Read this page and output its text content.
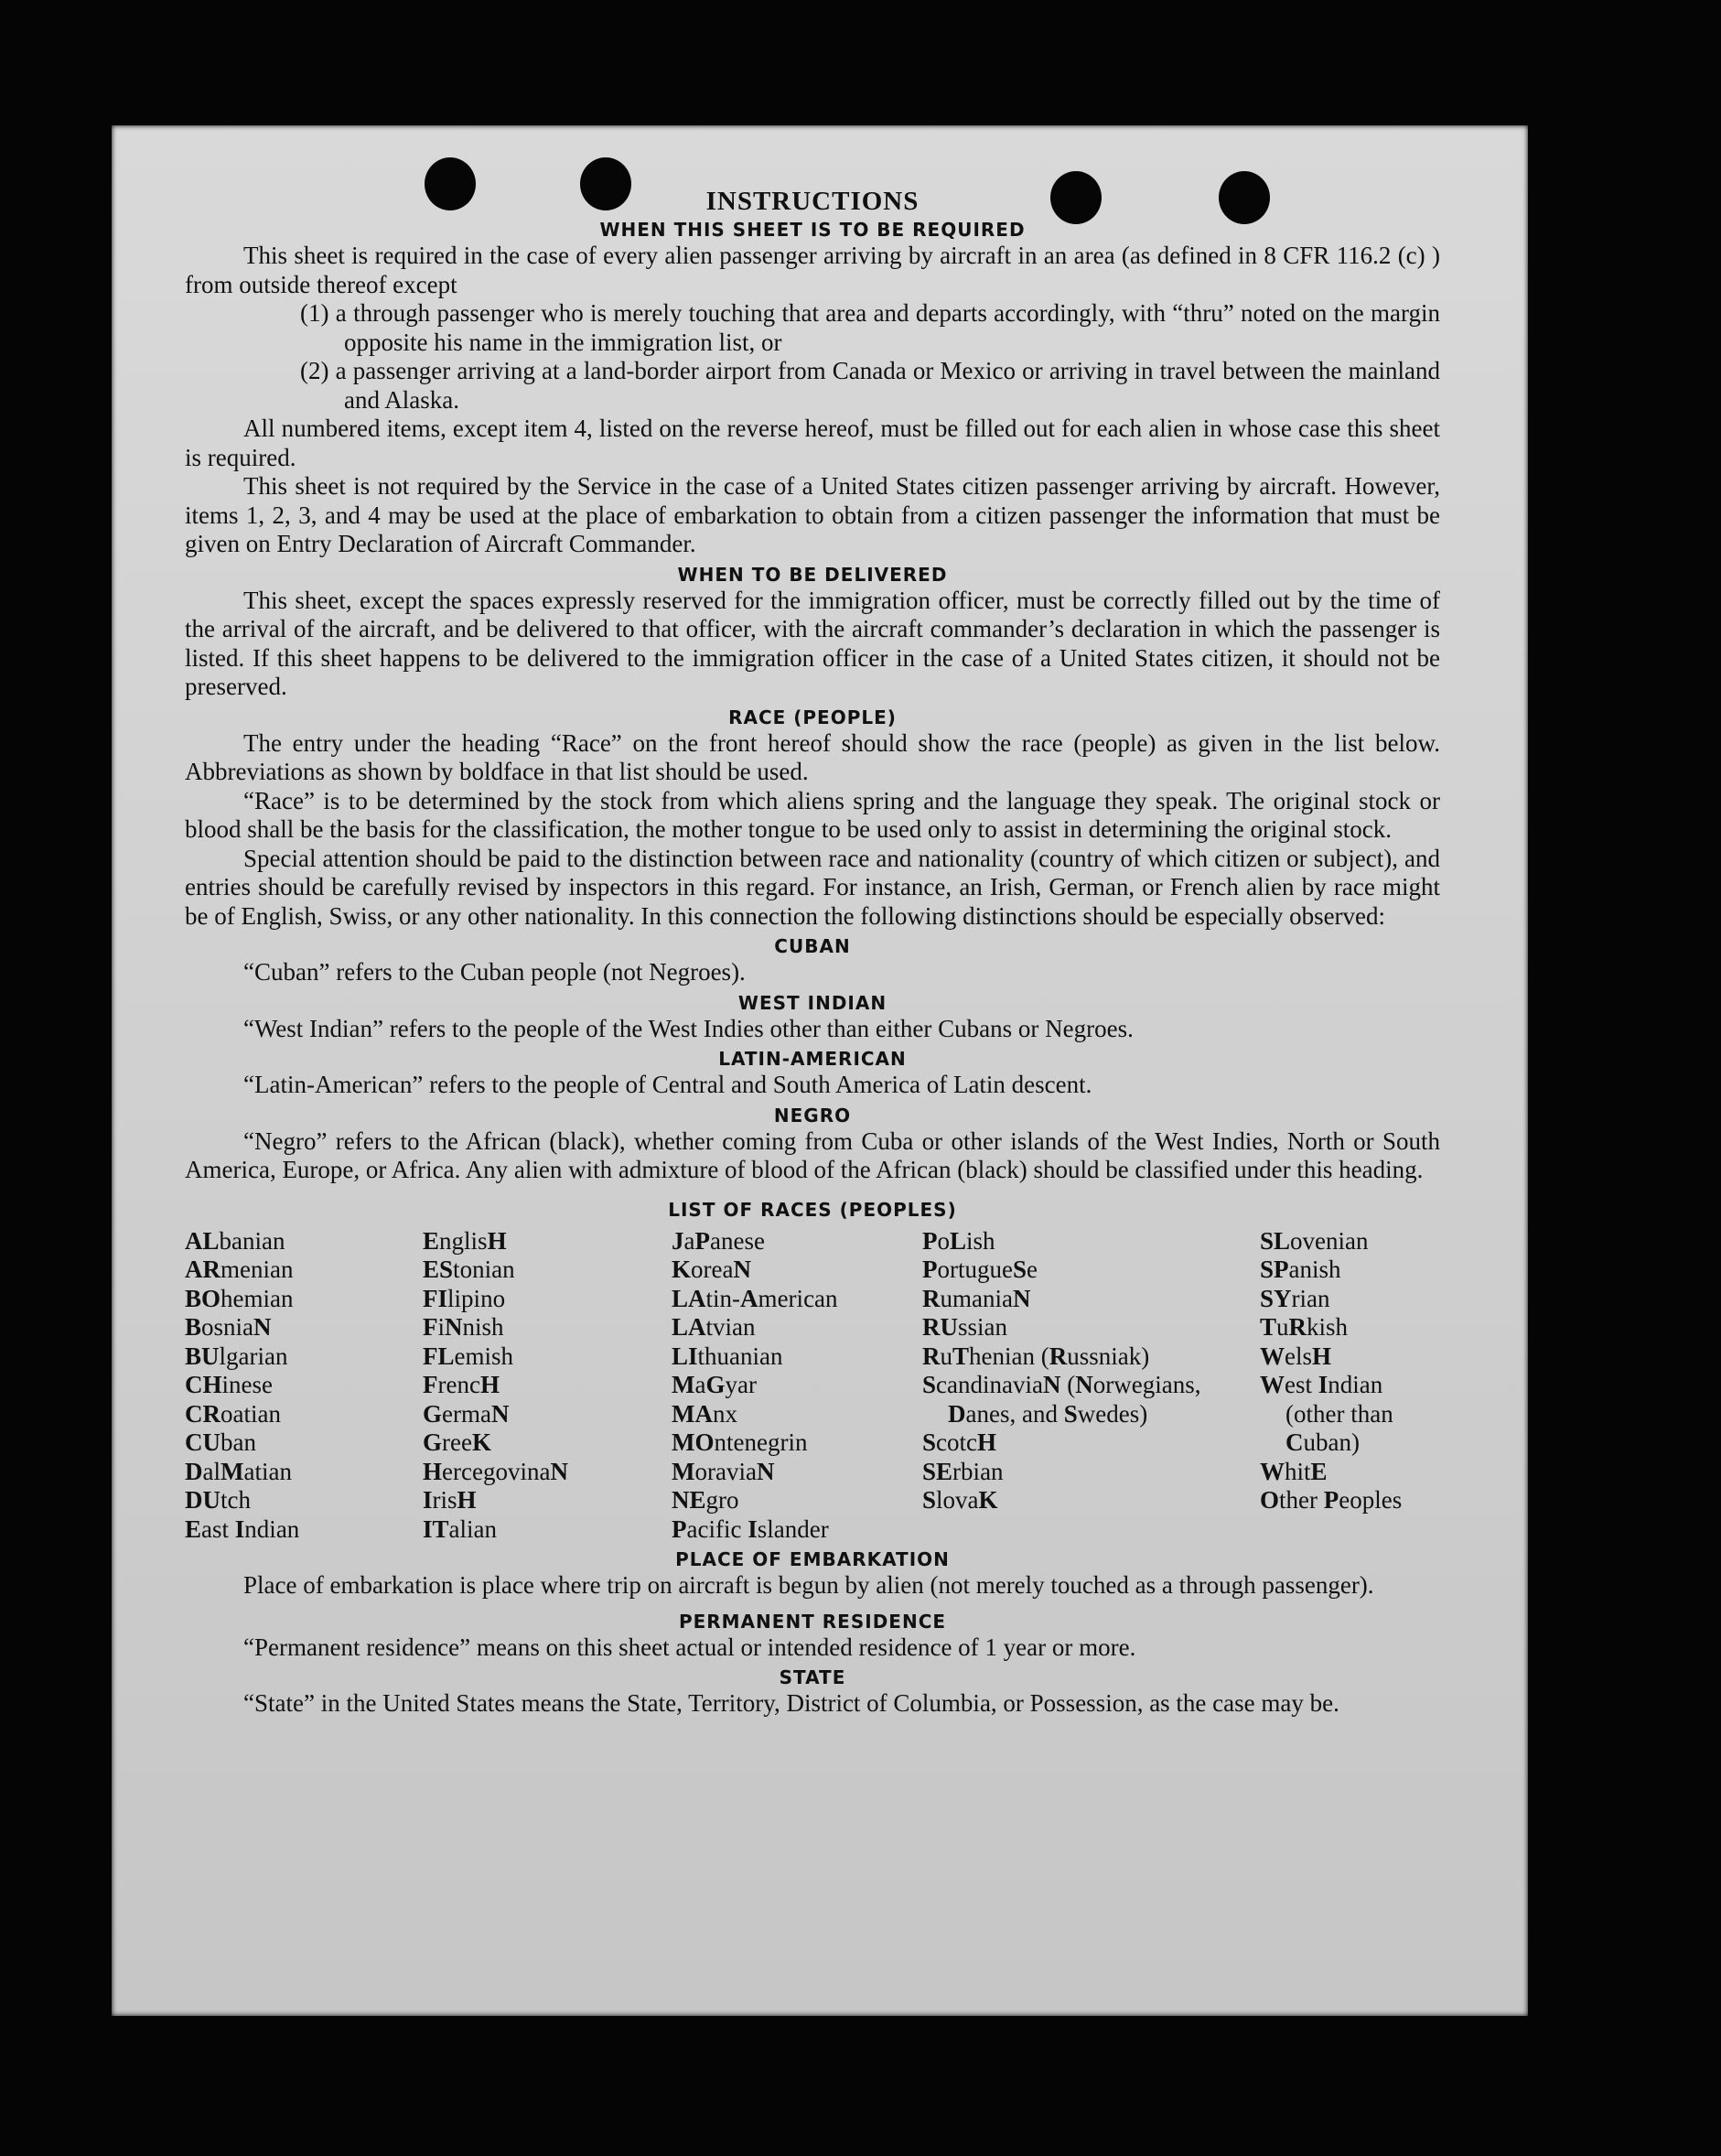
INSTRUCTIONS
WHEN THIS SHEET IS TO BE REQUIRED

This sheet is required in the case of every alien passenger arriving by aircraft in an area (as defined in 8 CFR 116.2 (c) ) from outside thereof except

(1) a through passenger who is merely touching that area and departs accordingly, with “thru” noted on the margin opposite his name in the immigration list, or
(2) a passenger arriving at a land-border airport from Canada or Mexico or arriving in travel between the mainland and Alaska.

All numbered items, except item 4, listed on the reverse hereof, must be filled out for each alien in whose case this sheet is required.

This sheet is not required by the Service in the case of a United States citizen passenger arriving by aircraft. However, items 1, 2, 3, and 4 may be used at the place of embarkation to obtain from a citizen passenger the information that must be given on Entry Declaration of Aircraft Commander.

WHEN TO BE DELIVERED

This sheet, except the spaces expressly reserved for the immigration officer, must be correctly filled out by the time of the arrival of the aircraft, and be delivered to that officer, with the aircraft commander’s declaration in which the passenger is listed. If this sheet happens to be delivered to the immigration officer in the case of a United States citizen, it should not be preserved.

RACE (PEOPLE)

The entry under the heading “Race” on the front hereof should show the race (people) as given in the list below. Abbreviations as shown by boldface in that list should be used.

“Race” is to be determined by the stock from which aliens spring and the language they speak. The original stock or blood shall be the basis for the classification, the mother tongue to be used only to assist in determining the original stock.

Special attention should be paid to the distinction between race and nationality (country of which citizen or subject), and entries should be carefully revised by inspectors in this regard. For instance, an Irish, German, or French alien by race might be of English, Swiss, or any other nationality. In this connection the following distinctions should be especially observed:

CUBAN

“Cuban” refers to the Cuban people (not Negroes).

WEST INDIAN

“West Indian” refers to the people of the West Indies other than either Cubans or Negroes.

LATIN-AMERICAN

“Latin-American” refers to the people of Central and South America of Latin descent.

NEGRO

“Negro” refers to the African (black), whether coming from Cuba or other islands of the West Indies, North or South America, Europe, or Africa. Any alien with admixture of blood of the African (black) should be classified under this heading.

LIST OF RACES (PEOPLES)
ALbanian
ARmenian
BOhemian
BosniaN
BUlgarian
CHinese
CRoatian
CUban
DalMatian
DUtch
East Indian
EnglisH
EStonian
FIlipino
FiNnish
FLemish
FrencH
GermaN
GreeK
HercegovinaN
IrisH
ITalian
JaPanese
KoreaN
LAtin-American
LAtvian
LIthuanian
MaGyar
MAnx
MOntenegrin
MoraviaN
NEgro
Pacific Islander
PoLish
PortugueSe
RumaniaN
RUssian
RuThenian (Russniak)
ScandinaviaN (Norwegians, Danes, and Swedes)
ScotcH
SErbian
SlovaK
SLovenian
SPanish
SYrian
TuRkish
WelsH
West Indian (other than Cuban)
WhitE
Other Peoples
PLACE OF EMBARKATION

Place of embarkation is place where trip on aircraft is begun by alien (not merely touched as a through passenger).

PERMANENT RESIDENCE

“Permanent residence” means on this sheet actual or intended residence of 1 year or more.

STATE

“State” in the United States means the State, Territory, District of Columbia, or Possession, as the case may be.
